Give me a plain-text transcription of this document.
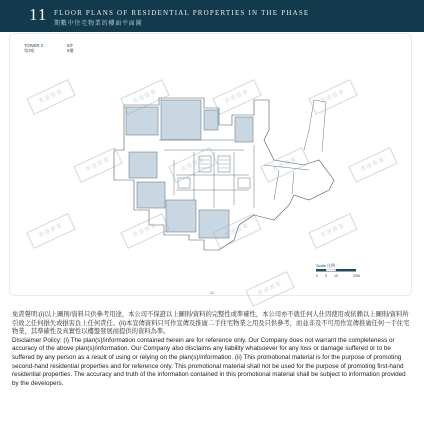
11 FLOOR PLANS OF RESIDENTIAL PROPERTIES IN THE PHASE
期數中住宅物業的樓面平面圖
TOWER 3
第3座
5/F
5樓
香港置業	香港置業	香港置業	香港置業
香港置業	香港置業	香港置業	香港置業
香港置業	香港置業	香港置業	香港置業
香港置業
Scale 比例：
0 5 10	20M
11

免責聲明:(i)以上圖則/資料只供參考用途，本公司不保證以上圖則/資料的完整性或準確性，本公司亦不就任何人仕因使用或依賴以上圖則/資料所引致之任何損失或損害負上任何責任。(ii)本宣傳資料只可作宣傳及推廣二手住宅物業之用及只供參考，而並非及不可用作宣傳推廣任何一手住宅物業，其準確性及真實性以樓盤發展商提供的資料為準。

Disclaimer Policy: (i) The plan(s)/information contained herein are for reference only. Our Company does not warrant the completeness or accuracy of the above plan(s)/information. Our Company also disclaims any liability whatsoever for any loss or damage suffered or to be suffered by any person as a result of using or relying on the plan(s)/information. (ii) This promotional material is for the purpose of promoting second-hand residential properties and for reference only. This promotional material shall not be used for the purpose of promoting first-hand residential properties. The accuracy and truth of the information contained in this promotional material shall be subject to information provided by the developers.
